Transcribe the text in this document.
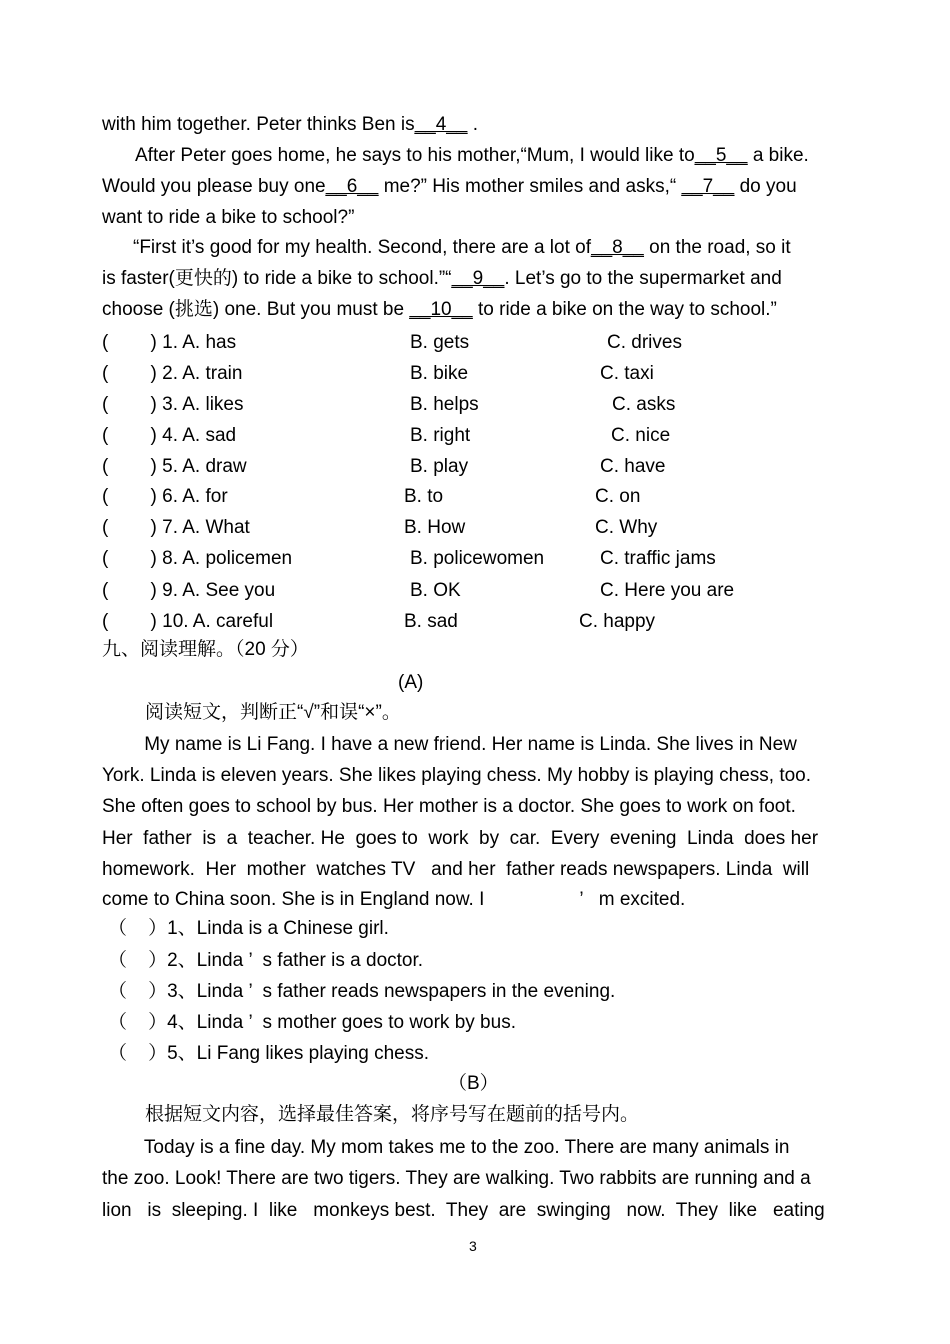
with him together. Peter thinks Ben is__4__ .
After Peter goes home, he says to his mother,“Mum, I would like to__5__ a bike.
Would you please buy one__6__ me?” His mother smiles and asks,“ __7__ do you
want to ride a bike to school?”
“First it’s good for my health. Second, there are a lot of__8__ on the road, so it
is faster(更快的) to ride a bike to school.”“__9__. Let’s go to the supermarket and
choose (挑选) one. But you must be __10__ to ride a bike on the way to school.”
(        ) 1. A. has	B. gets	C. drives
(        ) 2. A. train	B. bike	C. taxi
(        ) 3. A. likes	B. helps	C. asks
(        ) 4. A. sad	B. right	C. nice
(        ) 5. A. draw	B. play	C. have
(        ) 6. A. for	B. to	C. on
(        ) 7. A. What	B. How	C. Why
(        ) 8. A. policemen	B. policewomen	C. traffic jams
(        ) 9. A. See you	B. OK	C. Here you are
(        ) 10. A. careful	B. sad	C. happy
九、阅读理解。（20 分）
(A)
阅读短文，判断正“√”和误“×”。
My name is Li Fang. I have a new friend. Her name is Linda. She lives in New
York. Linda is eleven years. She likes playing chess. My hobby is playing chess, too.
She often goes to school by bus. Her mother is a doctor. She goes to work on foot.
Her  father  is  a  teacher. He  goes to  work  by  car.  Every  evening  Linda  does her
homework.  Her  mother  watches TV   and her  father reads newspapers. Linda  will
come to China soon. She is in England now. I                  ’   m excited.
（    ）1、Linda is a Chinese girl.
（    ）2、Linda ’  s father is a doctor.
（    ）3、Linda ’  s father reads newspapers in the evening.
（    ）4、Linda ’  s mother goes to work by bus.
（    ）5、Li Fang likes playing chess.
（B）
根据短文内容，选择最佳答案，将序号写在题前的括号内。
Today is a fine day. My mom takes me to the zoo. There are many animals in
the zoo. Look! There are two tigers. They are walking. Two rabbits are running and a
lion   is  sleeping. I  like   monkeys best.  They  are  swinging   now.  They  like   eating
3
